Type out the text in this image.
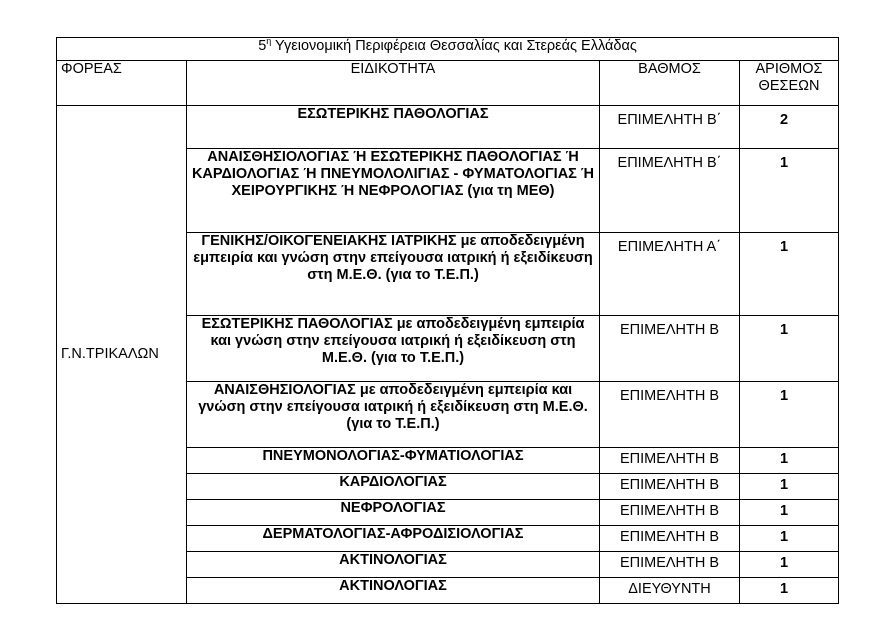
$5^\eta$ Υγειονομική Περιφέρεια Θεσσαλίας και Στερεάς Ελλάδας			
ΦΟΡΕΑΣ	ΕΙΔΙΚΟΤΗΤΑ	ΒΑΘΜΟΣ	ΑΡΙΘΜΟΣ ΘΕΣΕΩΝ
Γ.Ν.ΤΡΙΚΑΛΩΝ	ΕΣΩΤΕΡΙΚΗΣ ΠΑΘΟΛΟΓΙΑΣ	ΕΠΙΜΕΛΗΤΗ Β΄	2
	ΑΝΑΙΣΘΗΣΙΟΛΟΓΙΑΣ Ή ΕΣΩΤΕΡΙΚΗΣ ΠΑΘΟΛΟΓΙΑΣ Ή ΚΑΡΔΙΟΛΟΓΙΑΣ Ή ΠΝΕΥΜΟΛΟΛΙΓΙΑΣ - ΦΥΜΑΤΟΛΟΓΙΑΣ Ή ΧΕΙΡΟΥΡΓΙΚΗΣ Ή ΝΕΦΡΟΛΟΓΙΑΣ (για τη ΜΕΘ)	ΕΠΙΜΕΛΗΤΗ Β΄	1
	ΓΕΝΙΚΗΣ/ΟΙΚΟΓΕΝΕΙΑΚΗΣ ΙΑΤΡΙΚΗΣ με αποδεδειγμένη εμπειρία και γνώση στην επείγουσα ιατρική ή εξειδίκευση στη Μ.Ε.Θ. (για το Τ.Ε.Π.)	ΕΠΙΜΕΛΗΤΗ Α΄	1
	ΕΣΩΤΕΡΙΚΗΣ ΠΑΘΟΛΟΓΙΑΣ με αποδεδειγμένη εμπειρία και γνώση στην επείγουσα ιατρική ή εξειδίκευση στη Μ.Ε.Θ. (για το Τ.Ε.Π.)	ΕΠΙΜΕΛΗΤΗ Β	1
	ΑΝΑΙΣΘΗΣΙΟΛΟΓΙΑΣ με αποδεδειγμένη εμπειρία και γνώση στην επείγουσα ιατρική ή εξειδίκευση στη Μ.Ε.Θ. (για το Τ.Ε.Π.)	ΕΠΙΜΕΛΗΤΗ Β	1
	ΠΝΕΥΜΟΝΟΛΟΓΙΑΣ-ΦΥΜΑΤΙΟΛΟΓΙΑΣ	ΕΠΙΜΕΛΗΤΗ Β	1
	ΚΑΡΔΙΟΛΟΓΙΑΣ	ΕΠΙΜΕΛΗΤΗ Β	1
	ΝΕΦΡΟΛΟΓΙΑΣ	ΕΠΙΜΕΛΗΤΗ Β	1
	ΔΕΡΜΑΤΟΛΟΓΙΑΣ-ΑΦΡΟΔΙΣΙΟΛΟΓΙΑΣ	ΕΠΙΜΕΛΗΤΗ Β	1
	ΑΚΤΙΝΟΛΟΓΙΑΣ	ΕΠΙΜΕΛΗΤΗ Β	1
	ΑΚΤΙΝΟΛΟΓΙΑΣ	ΔΙΕΥΘΥΝΤΗ	1
